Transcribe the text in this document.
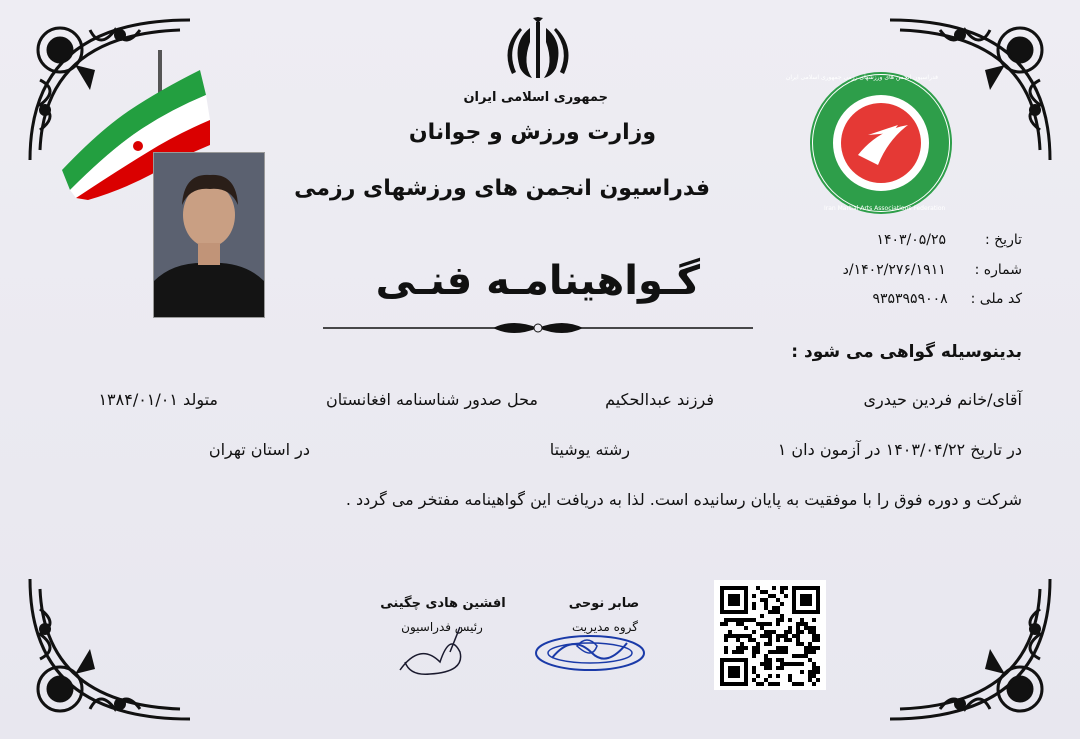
فدراسیون انجمن های ورزشهای رزمی جمهوری اسلامی ایران
Iran Martial Arts Associations Federation
جمهوری اسلامی ایران
وزارت ورزش و جوانان
فدراسیون انجمن های ورزشهای رزمی
گـواهینامـه فنـی
تاریخ :  ۱۴۰۳/۰۵/۲۵
شماره :  ۱۴۰۲/۲۷۶/۱۹۱۱/د
کد ملی :  ۹۳۵۳۹۵۹۰۰۸
بدینوسیله گواهی می شود :
آقای/خانم فردین حیدری
فرزند عبدالحکیم
محل صدور شناسنامه افغانستان
متولد ۱۳۸۴/۰۱/۰۱
در تاریخ ۱۴۰۳/۰۴/۲۲ در آزمون دان ۱
رشته یوشیتا
در استان تهران
شرکت و دوره فوق را با موفقیت به پایان رسانیده است. لذا به دریافت این گواهینامه مفتخر می گردد .
افشین هادی چگینی
رئیس فدراسیون
صابر نوحی
گروه مدیریت
